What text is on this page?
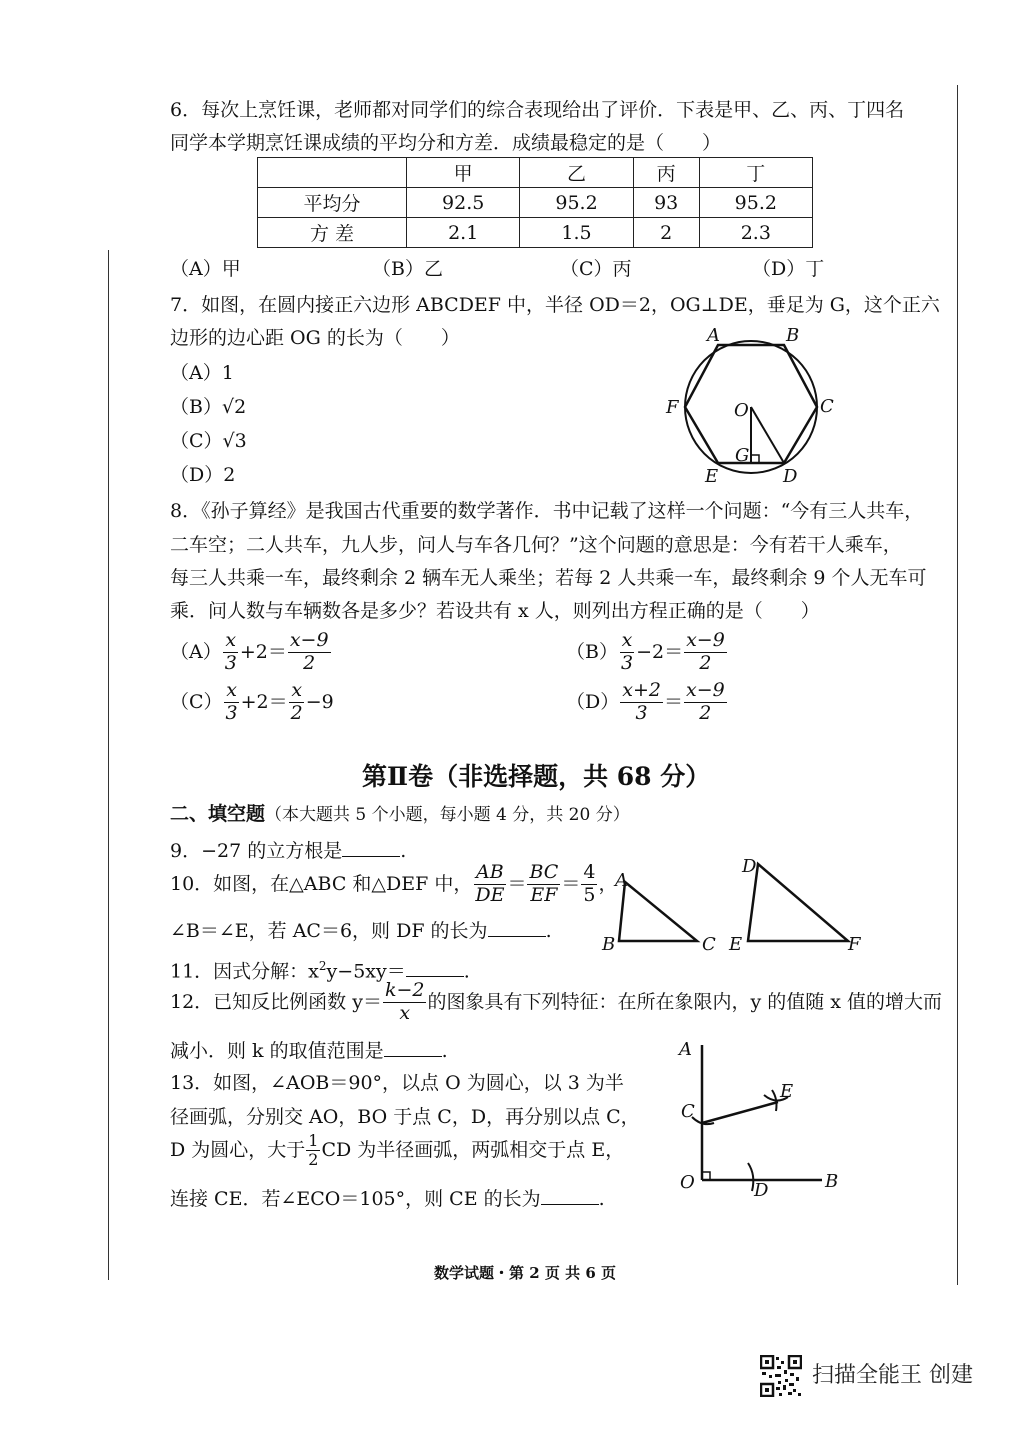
6．每次上烹饪课，老师都对同学们的综合表现给出了评价．下表是甲、乙、丙、丁四名
同学本学期烹饪课成绩的平均分和方差．成绩最稳定的是（　　）
	甲	乙	丙	丁
平均分	92.5	95.2	93	95.2
方 差	2.1	1.5	2	2.3
（A）甲	（B）乙	（C）丙	（D）丁
7．如图，在圆内接正六边形 ABCDEF 中，半径 OD＝2，OG⊥DE，垂足为 G，这个正六
边形的边心距 OG 的长为（　　）
（A）1
（B）√2
（C）√3
（D）2
A	B
C
D
E
F	O
G
8．《孙子算经》是我国古代重要的数学著作．书中记载了这样一个问题：“今有三人共车，
二车空；二人共车，九人步，问人与车各几何？”这个问题的意思是：今有若干人乘车，
每三人共乘一车，最终剩余 2 辆车无人乘坐；若每 2 人共乘一车，最终剩余 9 个人无车可
乘．问人数与车辆数各是多少？若设共有 x 人，则列出方程正确的是（　　）
$(A) \frac{x}{3} +2= \frac{x-9}{2}$	$(B) \frac{x}{3} -2= \frac{x-9}{2}$
$(C) \frac{x}{3} +2= \frac{x}{2} -9$	$(D) \frac{x+2}{3} = \frac{x-9}{2}$
第Ⅱ卷（非选择题，共 68 分）
二、填空题（本大题共 5 个小题，每小题 4 分，共 20 分）
9．−27 的立方根是	.
10．如图，在△ABC 和△DEF 中， $\frac{AB}{DE} = \frac{BC}{EF} = \frac{4}{5}$ ，
∠B＝∠E，若 AC＝6，则 DF 的长为	.
A
B	C
D
E	F
11．因式分解：$x^2y-5xy=$	.
12．已知反比例函数 $y= \frac{k-2}{x}$ 的图象具有下列特征：在所在象限内，y 的值随 x 值的增大而
减小．则 k 的取值范围是	.
13．如图，∠AOB＝90°，以点 O 为圆心，以 3 为半
径画弧，分别交 AO，BO 于点 C，D，再分别以点 C，
D 为圆心，大于 $\frac{1}{2}$ CD 为半径画弧，两弧相交于点 E，
连接 CE．若∠ECO＝105°，则 CE 的长为	.
A
B
C
D
E
O
数学试题・第 2 页 共 6 页
扫描全能王 创建
